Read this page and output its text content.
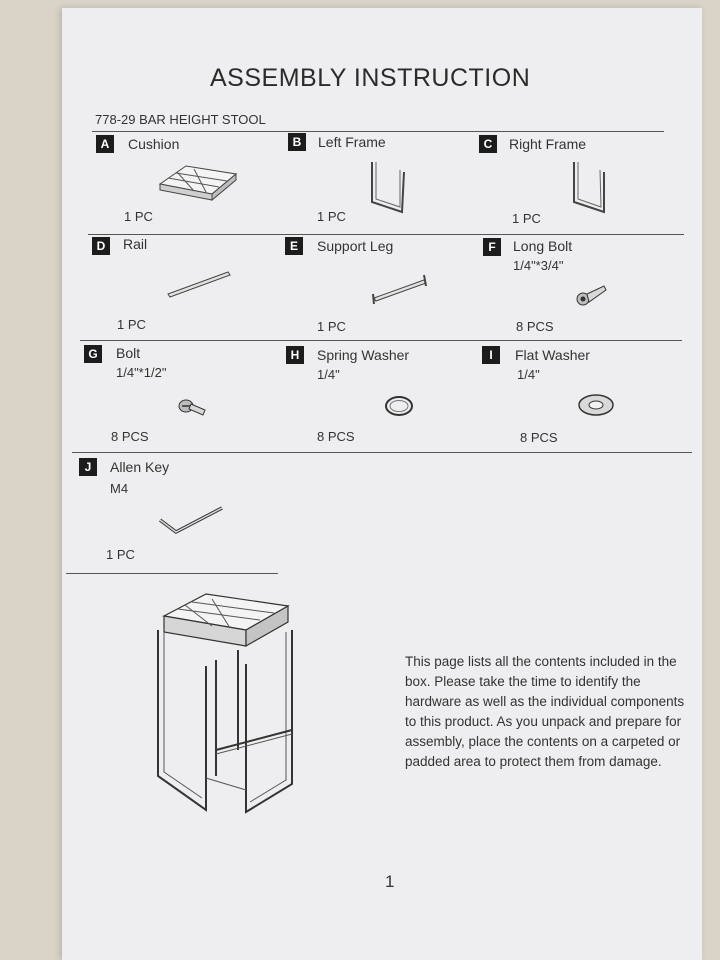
ASSEMBLY INSTRUCTION
778-29 BAR HEIGHT STOOL
A	Cushion
1 PC
B	Left Frame
1 PC
C	Right Frame
1 PC
D	Rail
1 PC
E	Support Leg
1 PC
F	Long Bolt
1/4"*3/4"
8 PCS
G	Bolt
1/4"*1/2"
8 PCS
H	Spring Washer
1/4"
8 PCS
I	Flat Washer
1/4"
8 PCS
J	Allen Key
M4
1 PC
This page lists all the contents included in the box. Please take the time to identify the hardware as well as the individual components to this product. As you unpack and prepare for assembly, place the contents on a carpeted or padded area to protect them from damage.
1
